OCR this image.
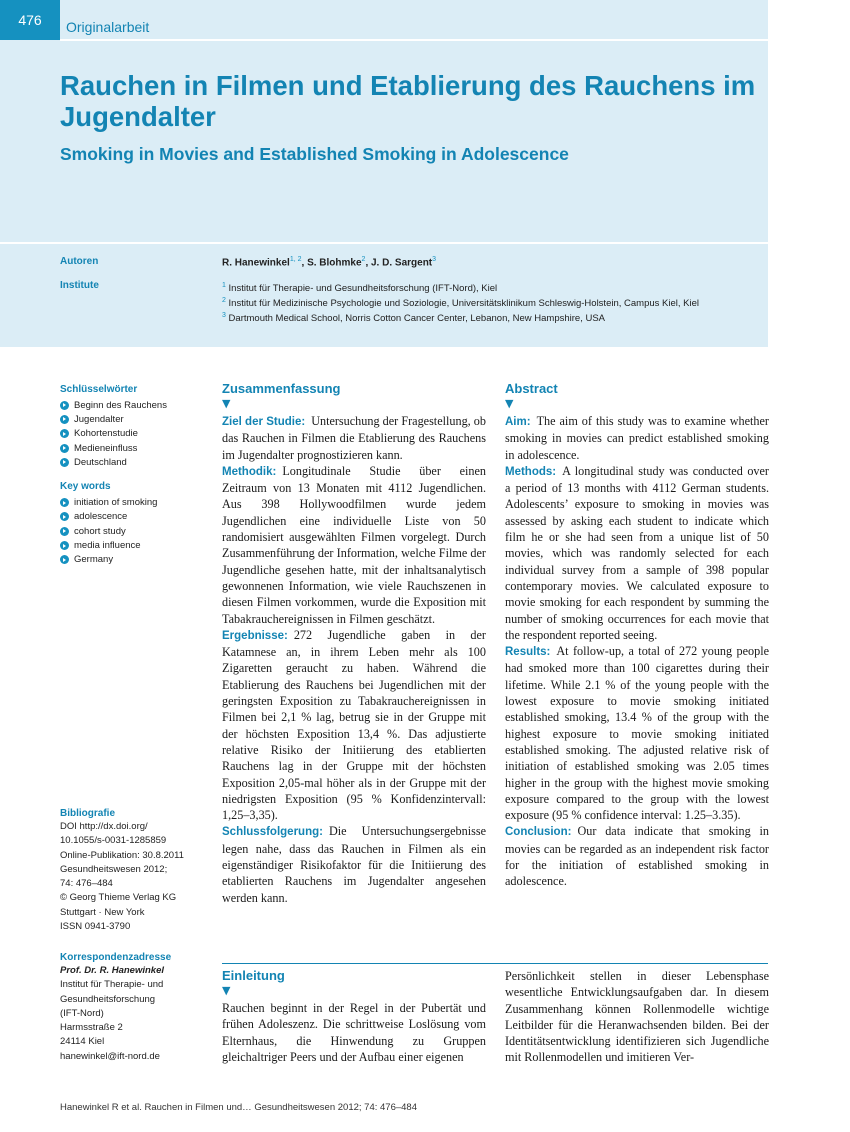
476	Originalarbeit
Rauchen in Filmen und Etablierung des Rauchens im Jugendalter
Smoking in Movies and Established Smoking in Adolescence
Autoren	R. Hanewinkel$^{1, 2}$, S. Blohmke$^2$, J. D. Sargent$^3$
Institute	$^1$ Institut für Therapie- und Gesundheitsforschung (IFT-Nord), Kiel
$^2$ Institut für Medizinische Psychologie und Soziologie, Universitätsklinikum Schleswig-Holstein, Campus Kiel, Kiel
$^3$ Dartmouth Medical School, Norris Cotton Cancer Center, Lebanon, New Hampshire, USA
Schlüsselwörter
Beginn des Rauchens
Jugendalter
Kohortenstudie
Medieneinfluss
Deutschland
Key words
initiation of smoking
adolescence
cohort study
media influence
Germany
Bibliografie
DOI http://dx.doi.org/
10.1055/s-0031-1285859
Online-Publikation: 30.8.2011
Gesundheitswesen 2012;
74: 476–484
© Georg Thieme Verlag KG
Stuttgart · New York
ISSN 0941-3790
Korrespondenzadresse
Prof. Dr. R. Hanewinkel
Institut für Therapie- und
Gesundheitsforschung
(IFT-Nord)
Harmsstraße 2
24114 Kiel
hanewinkel@ift-nord.de
Zusammenfassung
▼

Ziel der Studie: Untersuchung der Fragestellung, ob das Rauchen in Filmen die Etablierung des Rauchens im Jugendalter prognostizieren kann.

Methodik: Longitudinale Studie über einen Zeitraum von 13 Monaten mit 4112 Jugendlichen. Aus 398 Hollywoodfilmen wurde jedem Jugendlichen eine individuelle Liste von 50 randomisiert ausgewählten Filmen vorgelegt. Durch Zusammenführung der Information, welche Filme der Jugendliche gesehen hatte, mit der inhaltsanalytisch gewonnenen Information, wie viele Rauchszenen in diesen Filmen vorkommen, wurde die Exposition mit Tabakrauchereignissen in Filmen geschätzt.

Ergebnisse: 272 Jugendliche gaben in der Katamnese an, in ihrem Leben mehr als 100 Zigaretten geraucht zu haben. Während die Etablierung des Rauchens bei Jugendlichen mit der geringsten Exposition zu Tabakrauchereignissen in Filmen bei 2,1 % lag, betrug sie in der Gruppe mit der höchsten Exposition 13,4 %. Das adjustierte relative Risiko der Initiierung des etablierten Rauchens lag in der Gruppe mit der höchsten Exposition 2,05-mal höher als in der Gruppe mit der niedrigsten Exposition (95 % Konfidenzintervall: 1,25–3,35).

Schlussfolgerung: Die Untersuchungsergebnisse legen nahe, dass das Rauchen in Filmen als ein eigenständiger Risikofaktor für die Initiierung des etablierten Rauchens im Jugendalter angesehen werden kann.

Abstract
▼

Aim: The aim of this study was to examine whether smoking in movies can predict established smoking in adolescence.

Methods: A longitudinal study was conducted over a period of 13 months with 4112 German students. Adolescents’ exposure to smoking in movies was assessed by asking each student to indicate which film he or she had seen from a unique list of 50 movies, which was randomly selected for each individual survey from a sample of 398 popular contemporary movies. We calculated exposure to movie smoking for each respondent by summing the number of smoking occurrences for each movie that the respondent reported seeing.

Results: At follow-up, a total of 272 young people had smoked more than 100 cigarettes during their lifetime. While 2.1 % of the young people with the lowest exposure to movie smoking initiated established smoking, 13.4 % of the group with the highest exposure to movie smoking initiated established smoking. The adjusted relative risk of initiation of established smoking was 2.05 times higher in the group with the highest movie smoking exposure compared to the group with the lowest exposure (95 % confidence interval: 1.25–3.35).

Conclusion: Our data indicate that smoking in movies can be regarded as an independent risk factor for the initiation of established smoking in adolescence.

Einleitung
▼

Rauchen beginnt in der Regel in der Pubertät und frühen Adoleszenz. Die schrittweise Loslösung vom Elternhaus, die Hinwendung zu Gruppen gleichaltriger Peers und der Aufbau einer eigenen

Persönlichkeit stellen in dieser Lebensphase wesentliche Entwicklungsaufgaben dar. In diesem Zusammenhang können Rollenmodelle wichtige Leitbilder für die Heranwachsenden bilden. Bei der Identitätsentwicklung identifizieren sich Jugendliche mit Rollenmodellen und imitieren Ver-

Hanewinkel R et al. Rauchen in Filmen und… Gesundheitswesen 2012; 74: 476–484
